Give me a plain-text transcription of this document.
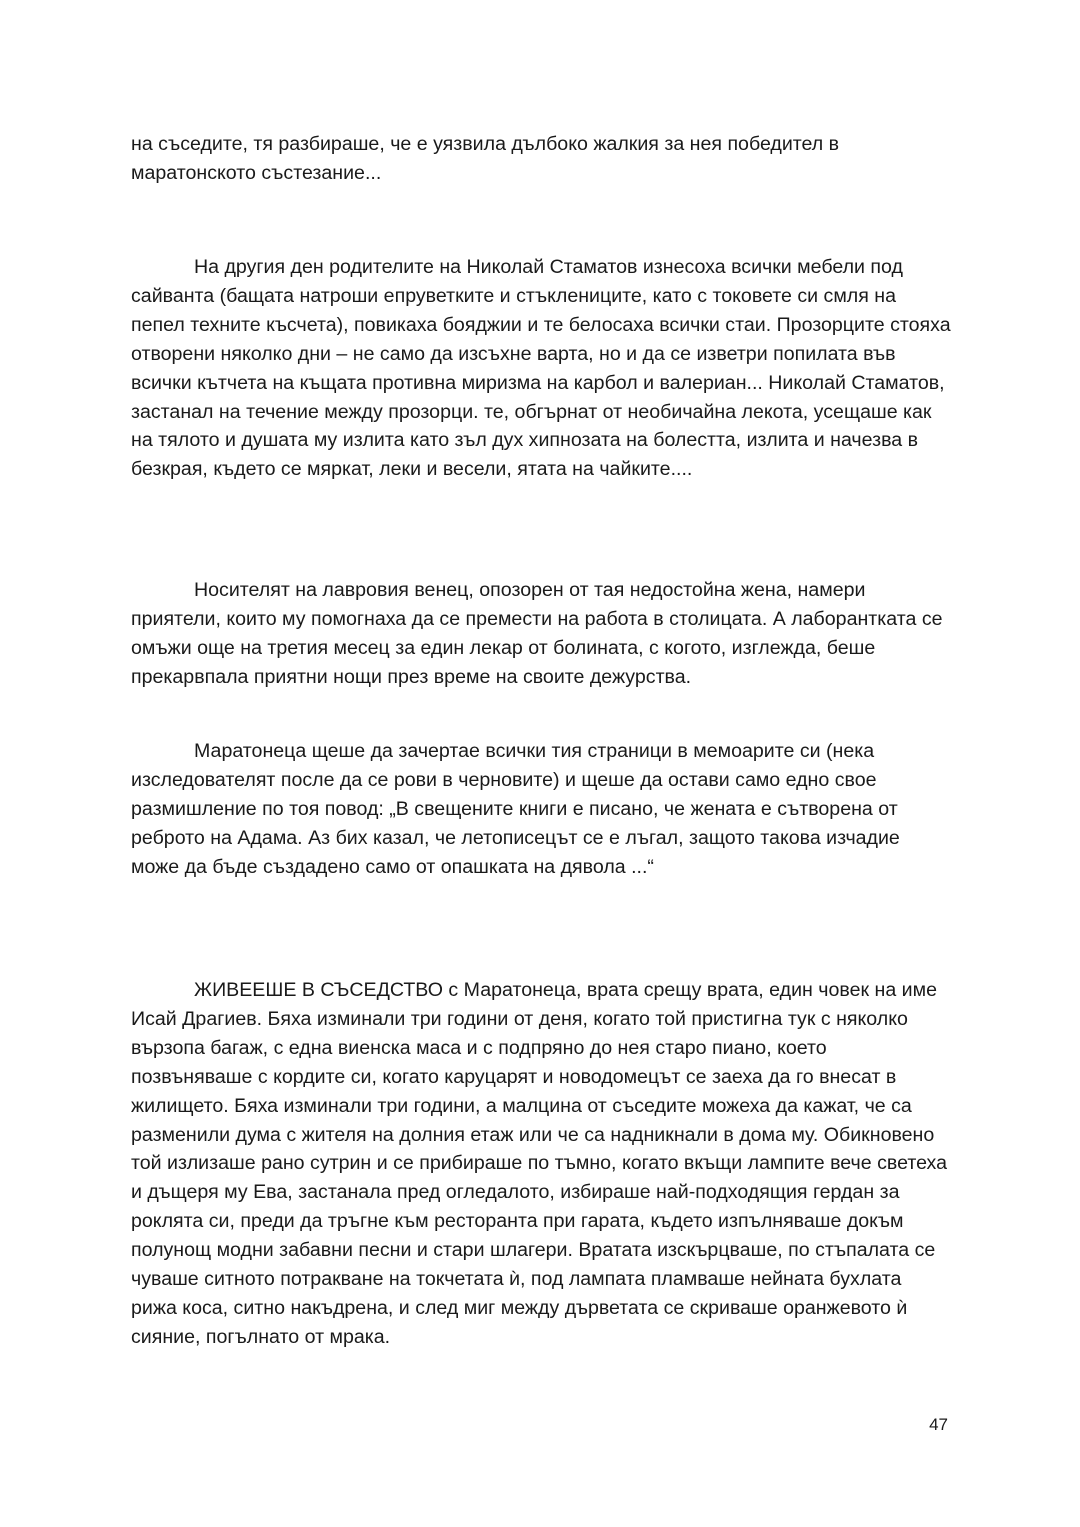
на съседите, тя разбираше, че е уязвила дълбоко жалкия за нея победител в маратонското състезание...

На другия ден родителите на Николай Стаматов изнесоха всички мебели под сайванта (бащата натроши епруветките и стъклениците, като с токовете си смля на пепел техните късчета), повикаха бояджии и те белосаха всички стаи. Прозорците стояха отворени няколко дни – не само да изсъхне варта, но и да се изветри попилата във всички кътчета на къщата противна миризма на карбол и валериан... Николай Стаматов, застанал на течение между прозорци. те, обгърнат от необичайна лекота, усещаше как на тялото и душата му излита като зъл дух хипнозата на болестта, излита и начезва в безкрая, където се мяркат, леки и весели, ятата на чайките....

Носителят на лавровия венец, опозорен от тая недостойна жена, намери приятели, които му помогнаха да се премести на работа в столицата. А лаборантката се омъжи още на третия месец за един лекар от болината, с когото, изглежда, беше прекарвпала приятни нощи през време на своите дежурства.

Маратонеца щеше да зачертае всички тия страници в мемоарите си (нека изследователят после да се рови в черновите) и щеше да остави само едно свое размишление по тоя повод: „В свещените книги е писано, че жената е сътворена от реброто на Адама. Аз бих казал, че летописецът се е лъгал, защото такова изчадие може да бъде създадено само от опашката на дявола ...“

ЖИВЕЕШЕ В СЪСЕДСТВО с Маратонеца, врата срещу врата, един човек на име Исай Драгиев. Бяха изминали три години от деня, когато той пристигна тук с няколко вързопа багаж, с една виенска маса и с подпряно до нея старо пиано, което позвъняваше с кордите си, когато каруцарят и новодомецът се заеха да го внесат в жилището. Бяха изминали три години, а малцина от съседите можеха да кажат, че са разменили дума с жителя на долния етаж или че са надникнали в дома му. Обикновено той излизаше рано сутрин и се прибираше по тъмно, когато вкъщи лампите вече светеха и дъщеря му Ева, застанала пред огледалото, избираше най-подходящия гердан за роклята си, преди да тръгне към ресторанта при гарата, където изпълняваше докъм полунощ модни забавни песни и стари шлагери. Вратата изскърцваше, по стъпалата се чуваше ситното потракване на токчетата ѝ, под лампата пламваше нейната бухлата рижа коса, ситно накъдрена, и след миг между дърветата се скриваше оранжевото ѝ сияние, погълнато от мрака.

47
